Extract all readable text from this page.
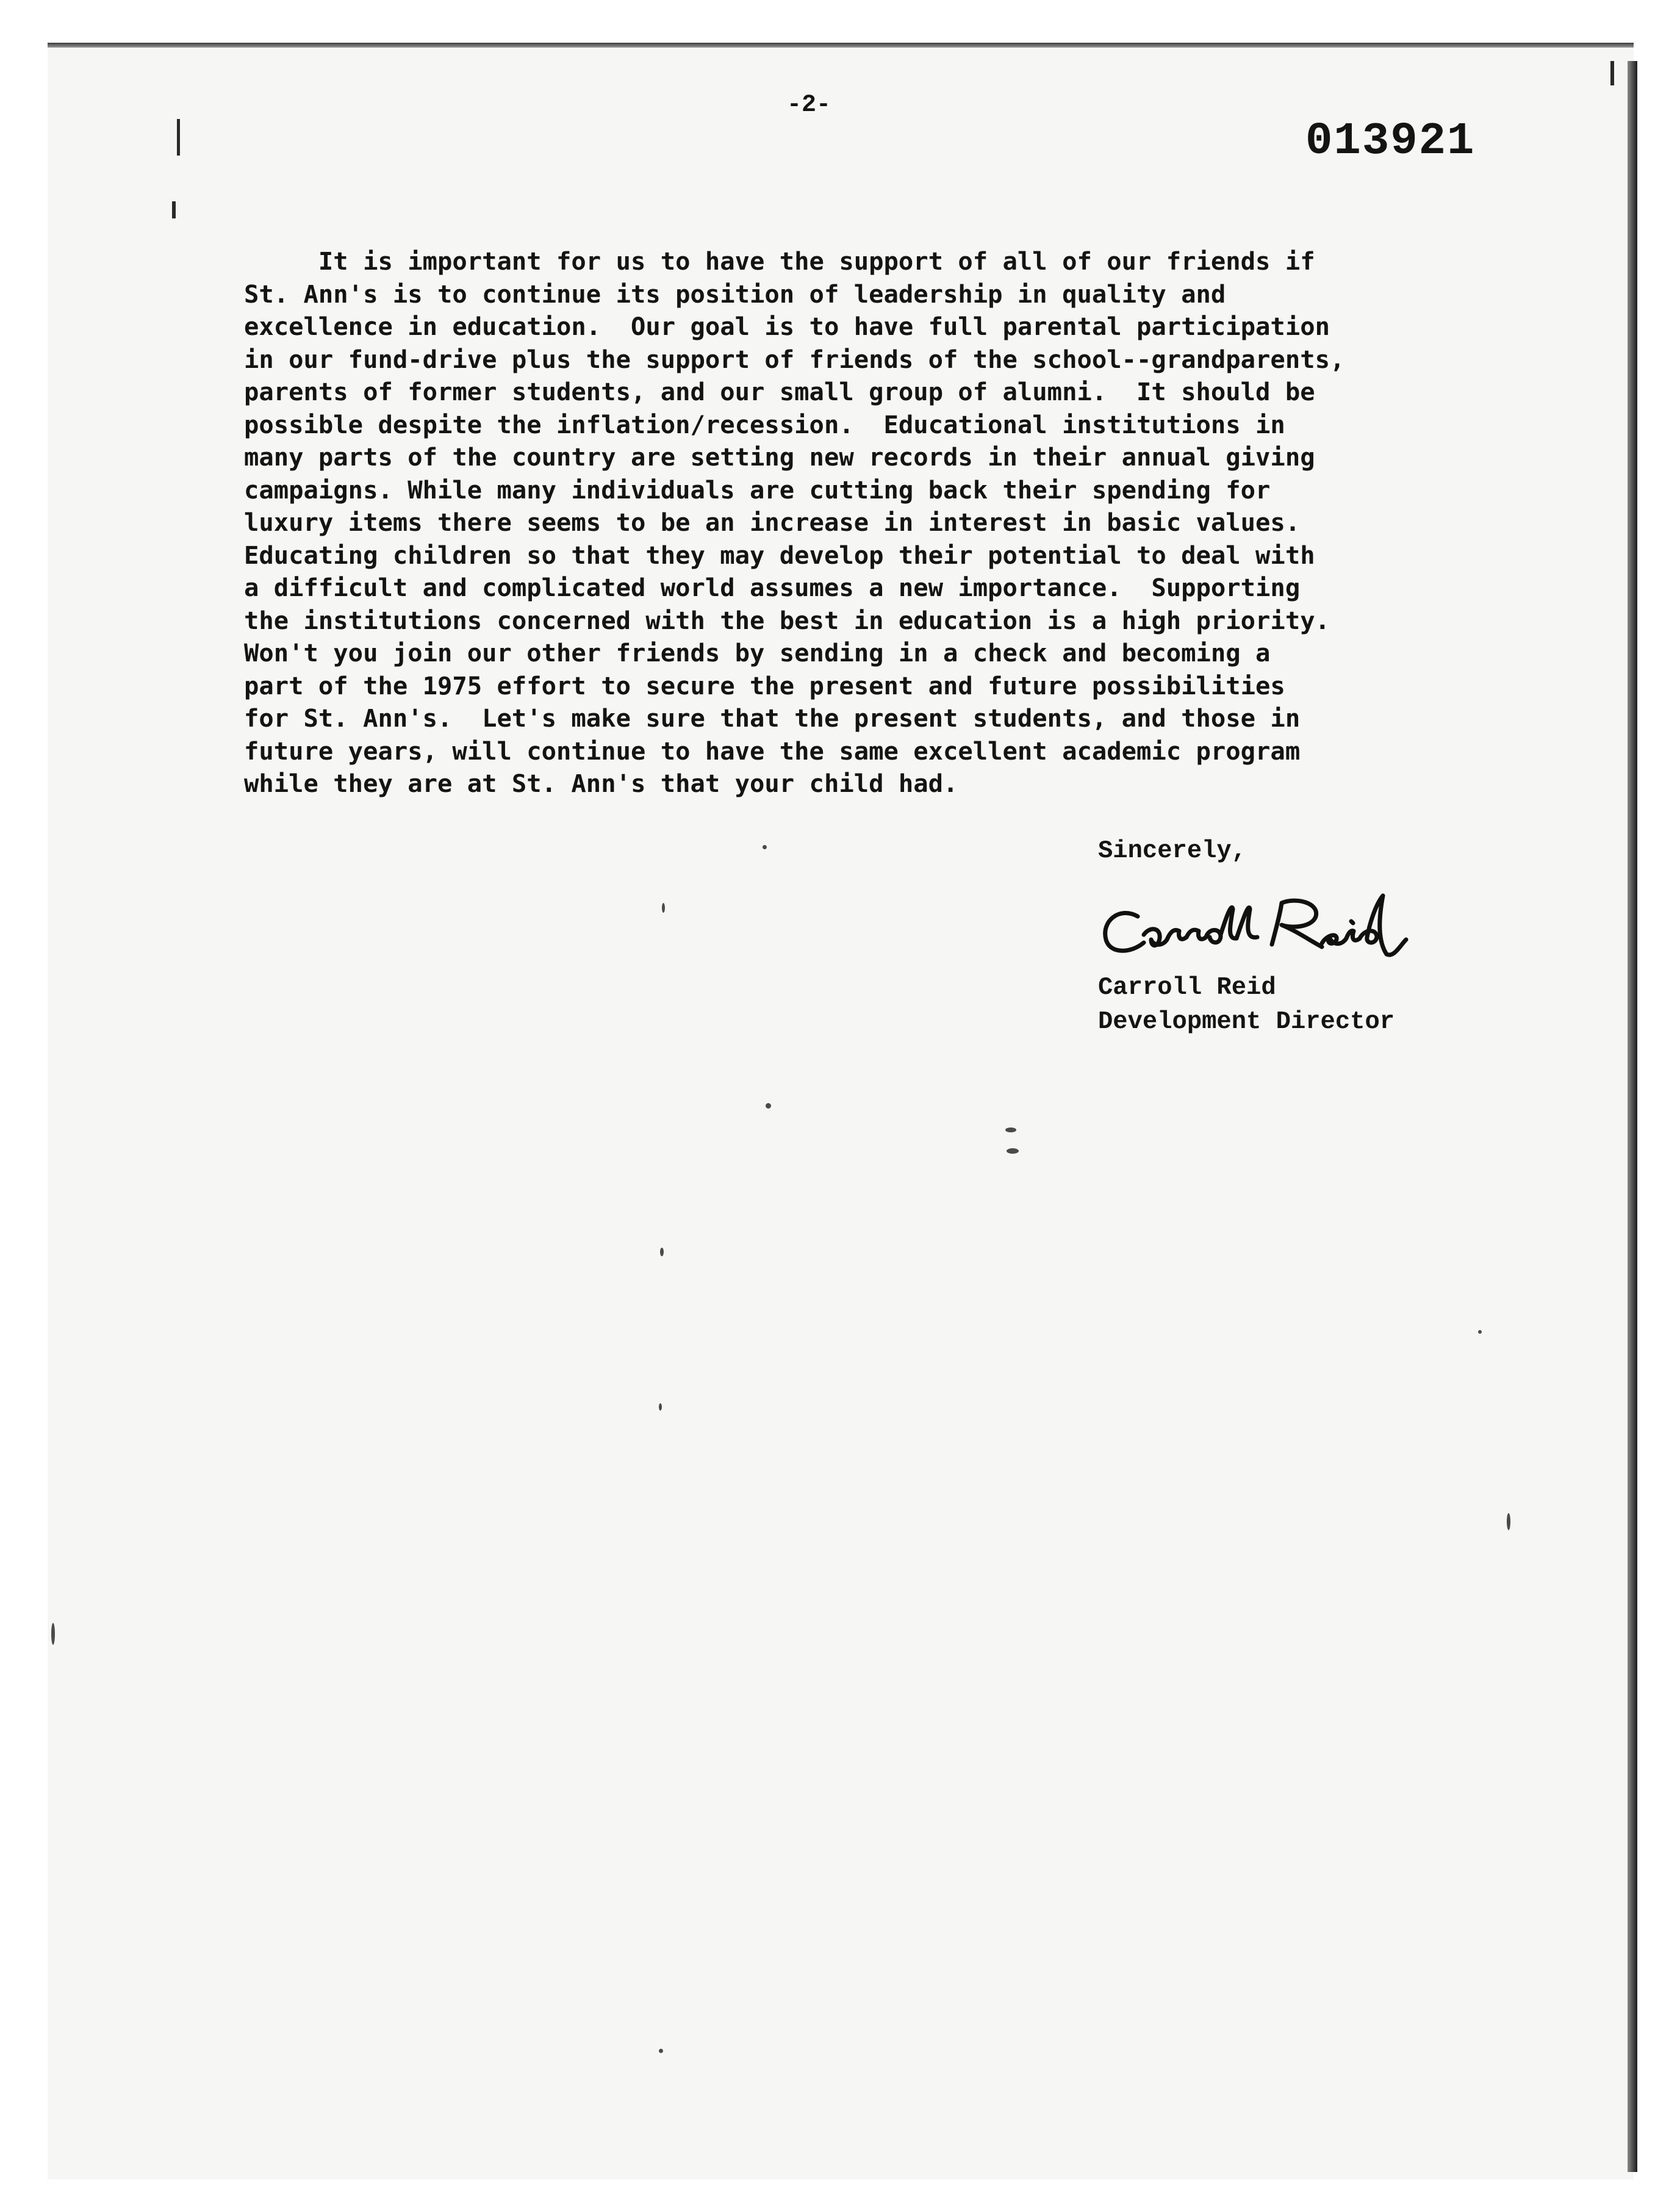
-2-
013921
It is important for us to have the support of all of our friends if
St. Ann's is to continue its position of leadership in quality and
excellence in education.  Our goal is to have full parental participation
in our fund-drive plus the support of friends of the school--grandparents,
parents of former students, and our small group of alumni.  It should be
possible despite the inflation/recession.  Educational institutions in
many parts of the country are setting new records in their annual giving
campaigns. While many individuals are cutting back their spending for
luxury items there seems to be an increase in interest in basic values.
Educating children so that they may develop their potential to deal with
a difficult and complicated world assumes a new importance.  Supporting
the institutions concerned with the best in education is a high priority.
Won't you join our other friends by sending in a check and becoming a
part of the 1975 effort to secure the present and future possibilities
for St. Ann's.  Let's make sure that the present students, and those in
future years, will continue to have the same excellent academic program
while they are at St. Ann's that your child had.
Sincerely,
Carroll Reid
Development Director
